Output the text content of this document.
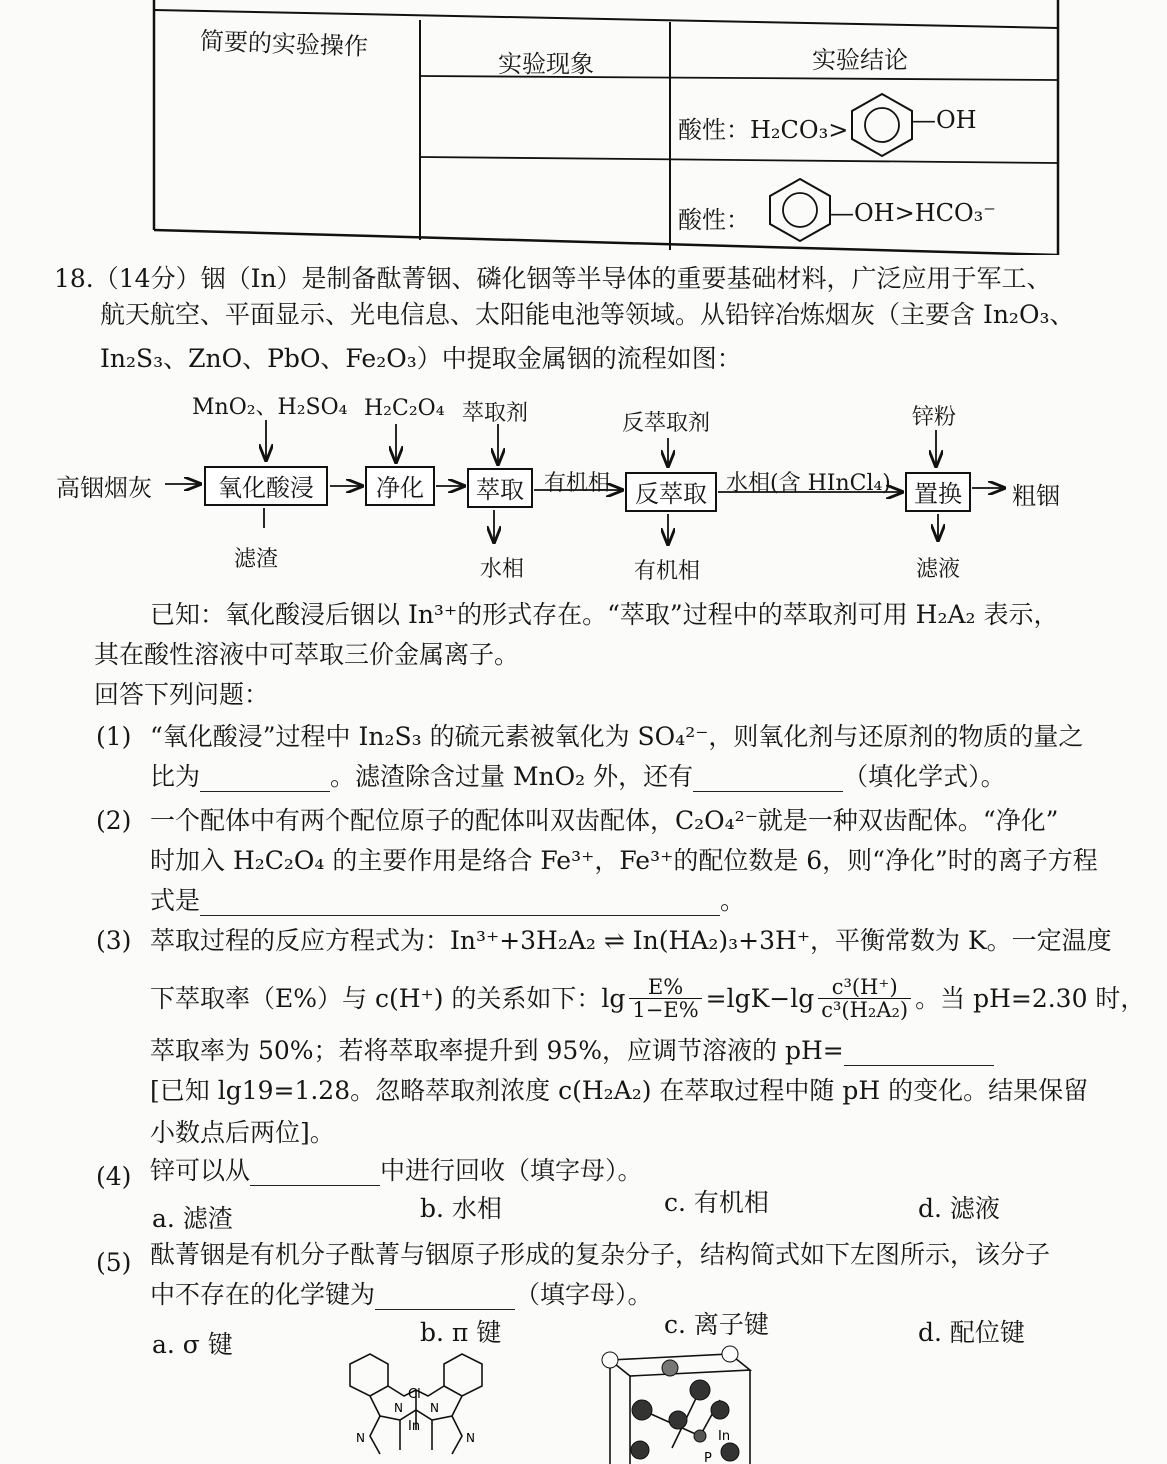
简要的实验操作
实验现象	实验结论
酸性：H₂CO₃>	—OH
酸性：	—OH>HCO₃⁻
18.（14分）铟（In）是制备酞菁铟、磷化铟等半导体的重要基础材料，广泛应用于军工、
航天航空、平面显示、光电信息、太阳能电池等领域。从铅锌冶炼烟灰（主要含 In₂O₃、
In₂S₃、ZnO、PbO、Fe₂O₃）中提取金属铟的流程如图：
高铟烟灰	氧化酸浸	净化	萃取	反萃取	置换	粗铟
MnO₂、H₂SO₄ H₂C₂O₄ 萃取剂	反萃取剂	锌粉
有机相	水相(含 HInCl₄)
滤渣	水相	有机相	滤液
已知：氧化酸浸后铟以 In³⁺的形式存在。“萃取”过程中的萃取剂可用 H₂A₂ 表示，
其在酸性溶液中可萃取三价金属离子。
回答下列问题：
(1) “氧化酸浸”过程中 In₂S₃ 的硫元素被氧化为 SO₄²⁻，则氧化剂与还原剂的物质的量之
比为	。滤渣除含过量 MnO₂ 外，还有	（填化学式）。
(2) 一个配体中有两个配位原子的配体叫双齿配体，C₂O₄²⁻就是一种双齿配体。“净化”
时加入 H₂C₂O₄ 的主要作用是络合 Fe³⁺，Fe³⁺的配位数是 6，则“净化”时的离子方程
式是	。
(3) 萃取过程的反应方程式为：In³⁺+3H₂A₂ ⇌ In(HA₂)₃+3H⁺，平衡常数为 K。一定温度
下萃取率（E%）与 c(H⁺) 的关系如下：$\lg \frac{E\%}{1-E\%} =\lg K-\lg \frac{\text{c³(H⁺)}}{\text{c³(H₂A₂)}}$ 。当 pH=2.30 时，
萃取率为 50%；若将萃取率提升到 95%，应调节溶液的 pH=
[已知 lg19=1.28。忽略萃取剂浓度 c(H₂A₂) 在萃取过程中随 pH 的变化。结果保留
小数点后两位]。
(4) 锌可以从	中进行回收（填字母）。
a. 滤渣	b. 水相	c. 有机相	d. 滤液
(5) 酞菁铟是有机分子酞菁与铟原子形成的复杂分子，结构简式如下左图所示，该分子
中不存在的化学键为	（填字母）。
a. σ 键	b. π 键	c. 离子键	d. 配位键
Cl
In
N N
N	N	In
P
